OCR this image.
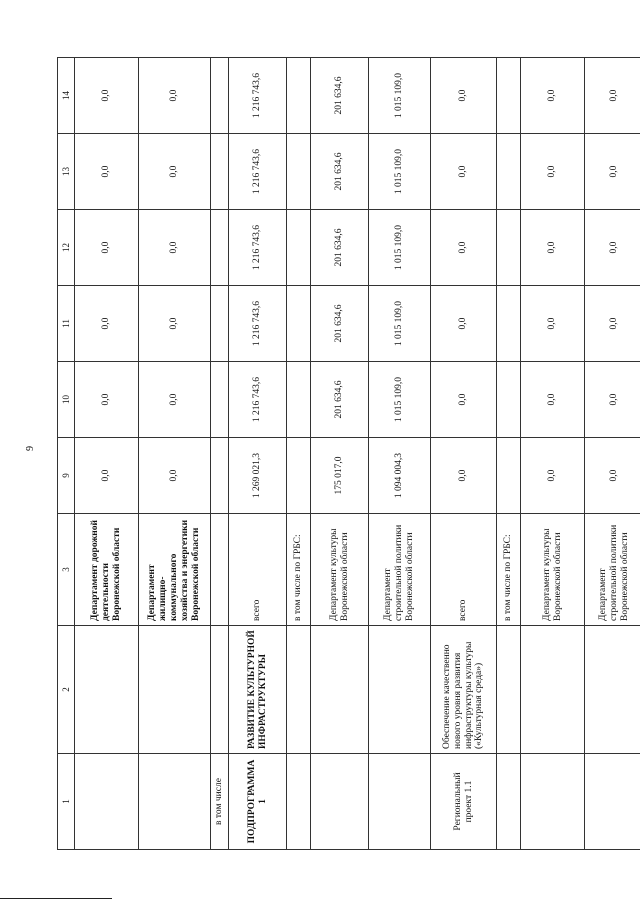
9
1	2	3	9	10	11	12	13	14
		Департамент дорожной деятельности Воронежской области	0,0	0,0	0,0	0,0	0,0	0,0
		Департамент жилищно-коммунального хозяйства и энергетики Воронежской области	0,0	0,0	0,0	0,0	0,0	0,0
в том числе								
ПОДПРОГРАММА 1	РАЗВИТИЕ КУЛЬТУРНОЙ ИНФРАСТРУКТУРЫ	всего	1 269 021,3	1 216 743,6	1 216 743,6	1 216 743,6	1 216 743,6	1 216 743,6
		в том числе по ГРБС:						
		Департамент культуры Воронежской области	175 017,0	201 634,6	201 634,6	201 634,6	201 634,6	201 634,6
		Департамент строительной политики Воронежской области	1 094 004,3	1 015 109,0	1 015 109,0	1 015 109,0	1 015 109,0	1 015 109,0
Региональный проект 1.1	Обеспечение качественно нового уровня развития инфраструктуры культуры («Культурная среда»)	всего	0,0	0,0	0,0	0,0	0,0	0,0
		в том числе по ГРБС:						
		Департамент культуры Воронежской области	0,0	0,0	0,0	0,0	0,0	0,0
		Департамент строительной политики Воронежской области	0,0	0,0	0,0	0,0	0,0	0,0
